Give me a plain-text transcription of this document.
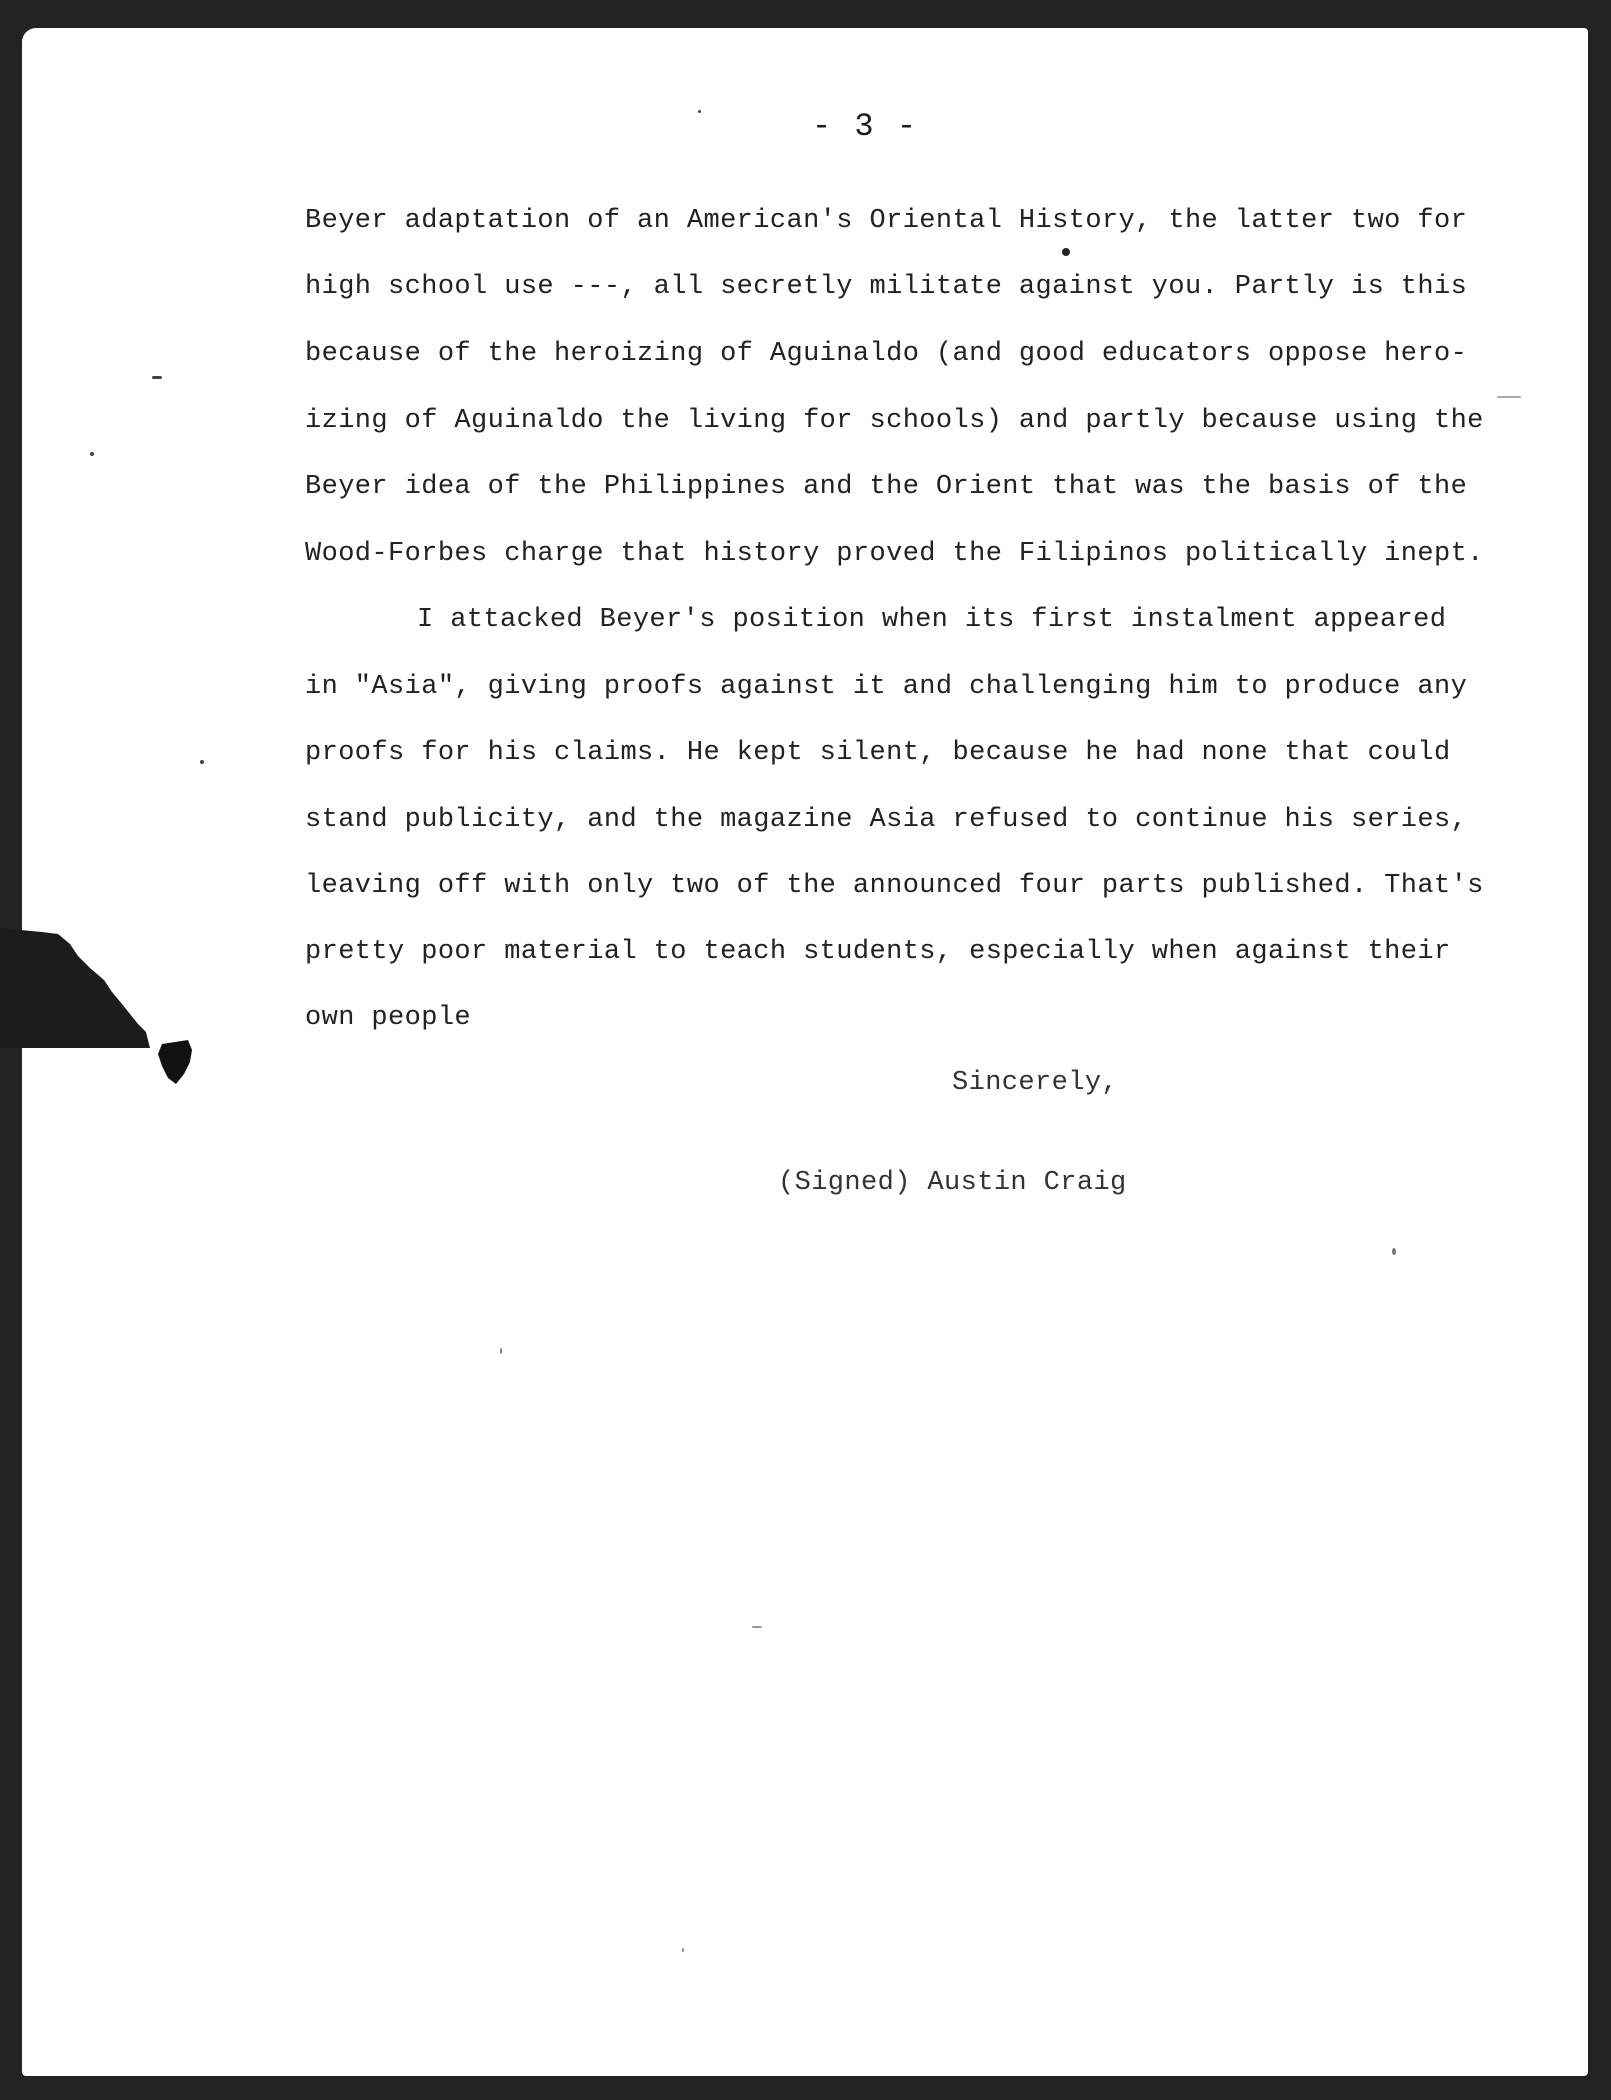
- 3 -
Beyer adaptation of an American's Oriental History, the latter two for
high school use ---, all secretly militate against you. Partly is this
because of the heroizing of Aguinaldo (and good educators oppose hero-
izing of Aguinaldo the living for schools) and partly because using the
Beyer idea of the Philippines and the Orient that was the basis of the
Wood-Forbes charge that history proved the Filipinos politically inept.
I attacked Beyer's position when its first instalment appeared
in "Asia", giving proofs against it and challenging him to produce any
proofs for his claims. He kept silent, because he had none that could
stand publicity, and the magazine Asia refused to continue his series,
leaving off with only two of the announced four parts published. That's
pretty poor material to teach students, especially when against their
own people
Sincerely,
(Signed) Austin Craig
